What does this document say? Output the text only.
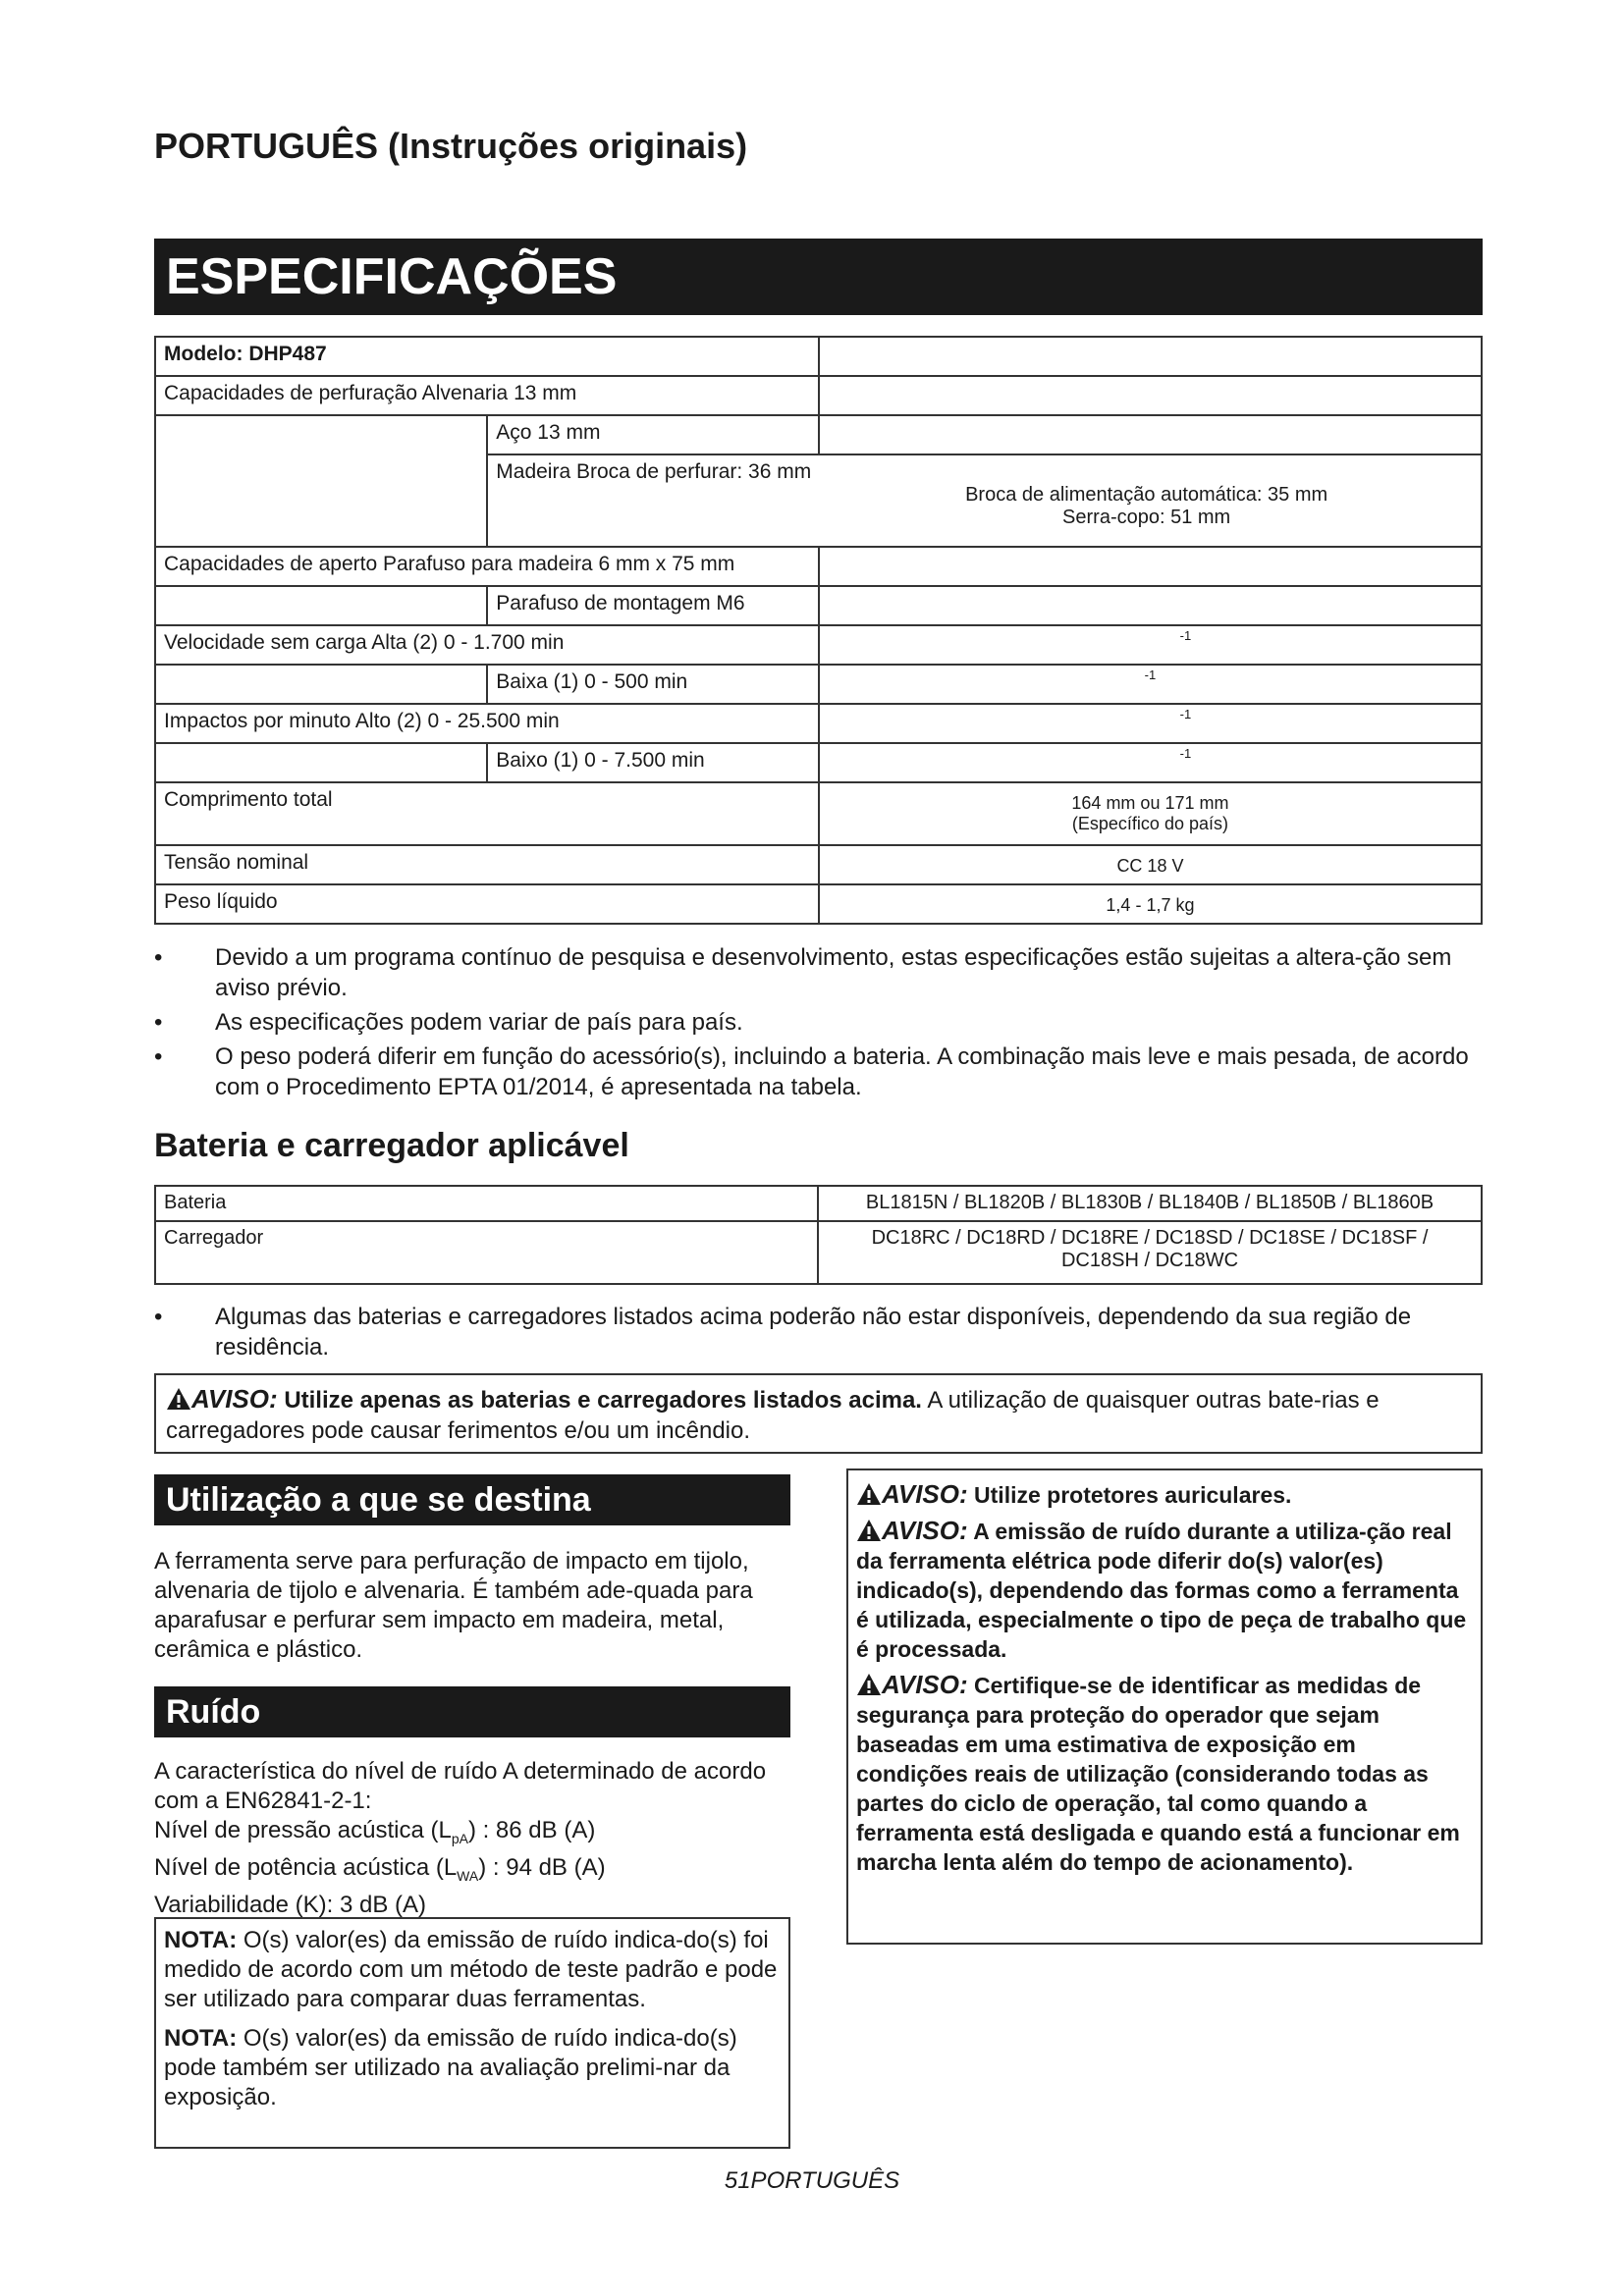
PORTUGUÊS (Instruções originais)
ESPECIFICAÇÕES
Modelo: DHP487		
Capacidades de perfuração Alvenaria 13 mm		
	Aço 13 mm	

	Madeira Broca de perfurar: 36 mm
Broca de alimentação automática: 35 mm
Serra-copo: 51 mm	

Capacidades de aperto Parafuso para madeira 6 mm x 75 mm		
	Parafuso de montagem M6	
Velocidade sem carga Alta (2) 0 - 1.700 min		-1
	Baixa (1) 0 - 500 min	-1
Impactos por minuto Alto (2) 0 - 25.500 min		-1
	Baixo (1) 0 - 7.500 min	-1
Comprimento total		164 mm ou 171 mm
(Específico do país)

Tensão nominal		CC 18 V
Peso líquido		1,4 - 1,7 kg
• Devido a um programa contínuo de pesquisa e desenvolvimento, estas especificações estão sujeitas a altera-ção sem aviso prévio.
• As especificações podem variar de país para país.
• O peso poderá diferir em função do acessório(s), incluindo a bateria. A combinação mais leve e mais pesada, de acordo com o Procedimento EPTA 01/2014, é apresentada na tabela.
Bateria e carregador aplicável
Bateria	BL1815N / BL1820B / BL1830B / BL1840B / BL1850B / BL1860B
Carregador	DC18RC / DC18RD / DC18RE / DC18SD / DC18SE / DC18SF /
DC18SH / DC18WC
• Algumas das baterias e carregadores listados acima poderão não estar disponíveis, dependendo da sua região de residência.
AVISO: Utilize apenas as baterias e carregadores listados acima. A utilização de quaisquer outras bate-rias e carregadores pode causar ferimentos e/ou um incêndio.
Utilização a que se destina
A ferramenta serve para perfuração de impacto em tijolo, alvenaria de tijolo e alvenaria. É também ade-quada para aparafusar e perfurar sem impacto em madeira, metal, cerâmica e plástico.
Ruído
A característica do nível de ruído A determinado de acordo com a EN62841-2-1:
Nível de pressão acústica $(L_{pA})$ : 86 dB (A)
Nível de potência acústica $(L_{WA})$ : 94 dB (A)
Variabilidade (K): 3 dB (A)

NOTA: O(s) valor(es) da emissão de ruído indica-do(s) foi medido de acordo com um método de teste padrão e pode ser utilizado para comparar duas ferramentas.

NOTA: O(s) valor(es) da emissão de ruído indica-do(s) pode também ser utilizado na avaliação prelimi-nar da exposição.

AVISO: Utilize protetores auriculares.

AVISO: A emissão de ruído durante a utiliza-ção real da ferramenta elétrica pode diferir do(s) valor(es) indicado(s), dependendo das formas como a ferramenta é utilizada, especialmente o tipo de peça de trabalho que é processada.

AVISO: Certifique-se de identificar as medidas de segurança para proteção do operador que sejam baseadas em uma estimativa de exposição em condições reais de utilização (considerando todas as partes do ciclo de operação, tal como quando a ferramenta está desligada e quando está a funcionar em marcha lenta além do tempo de acionamento).

51PORTUGUÊS
